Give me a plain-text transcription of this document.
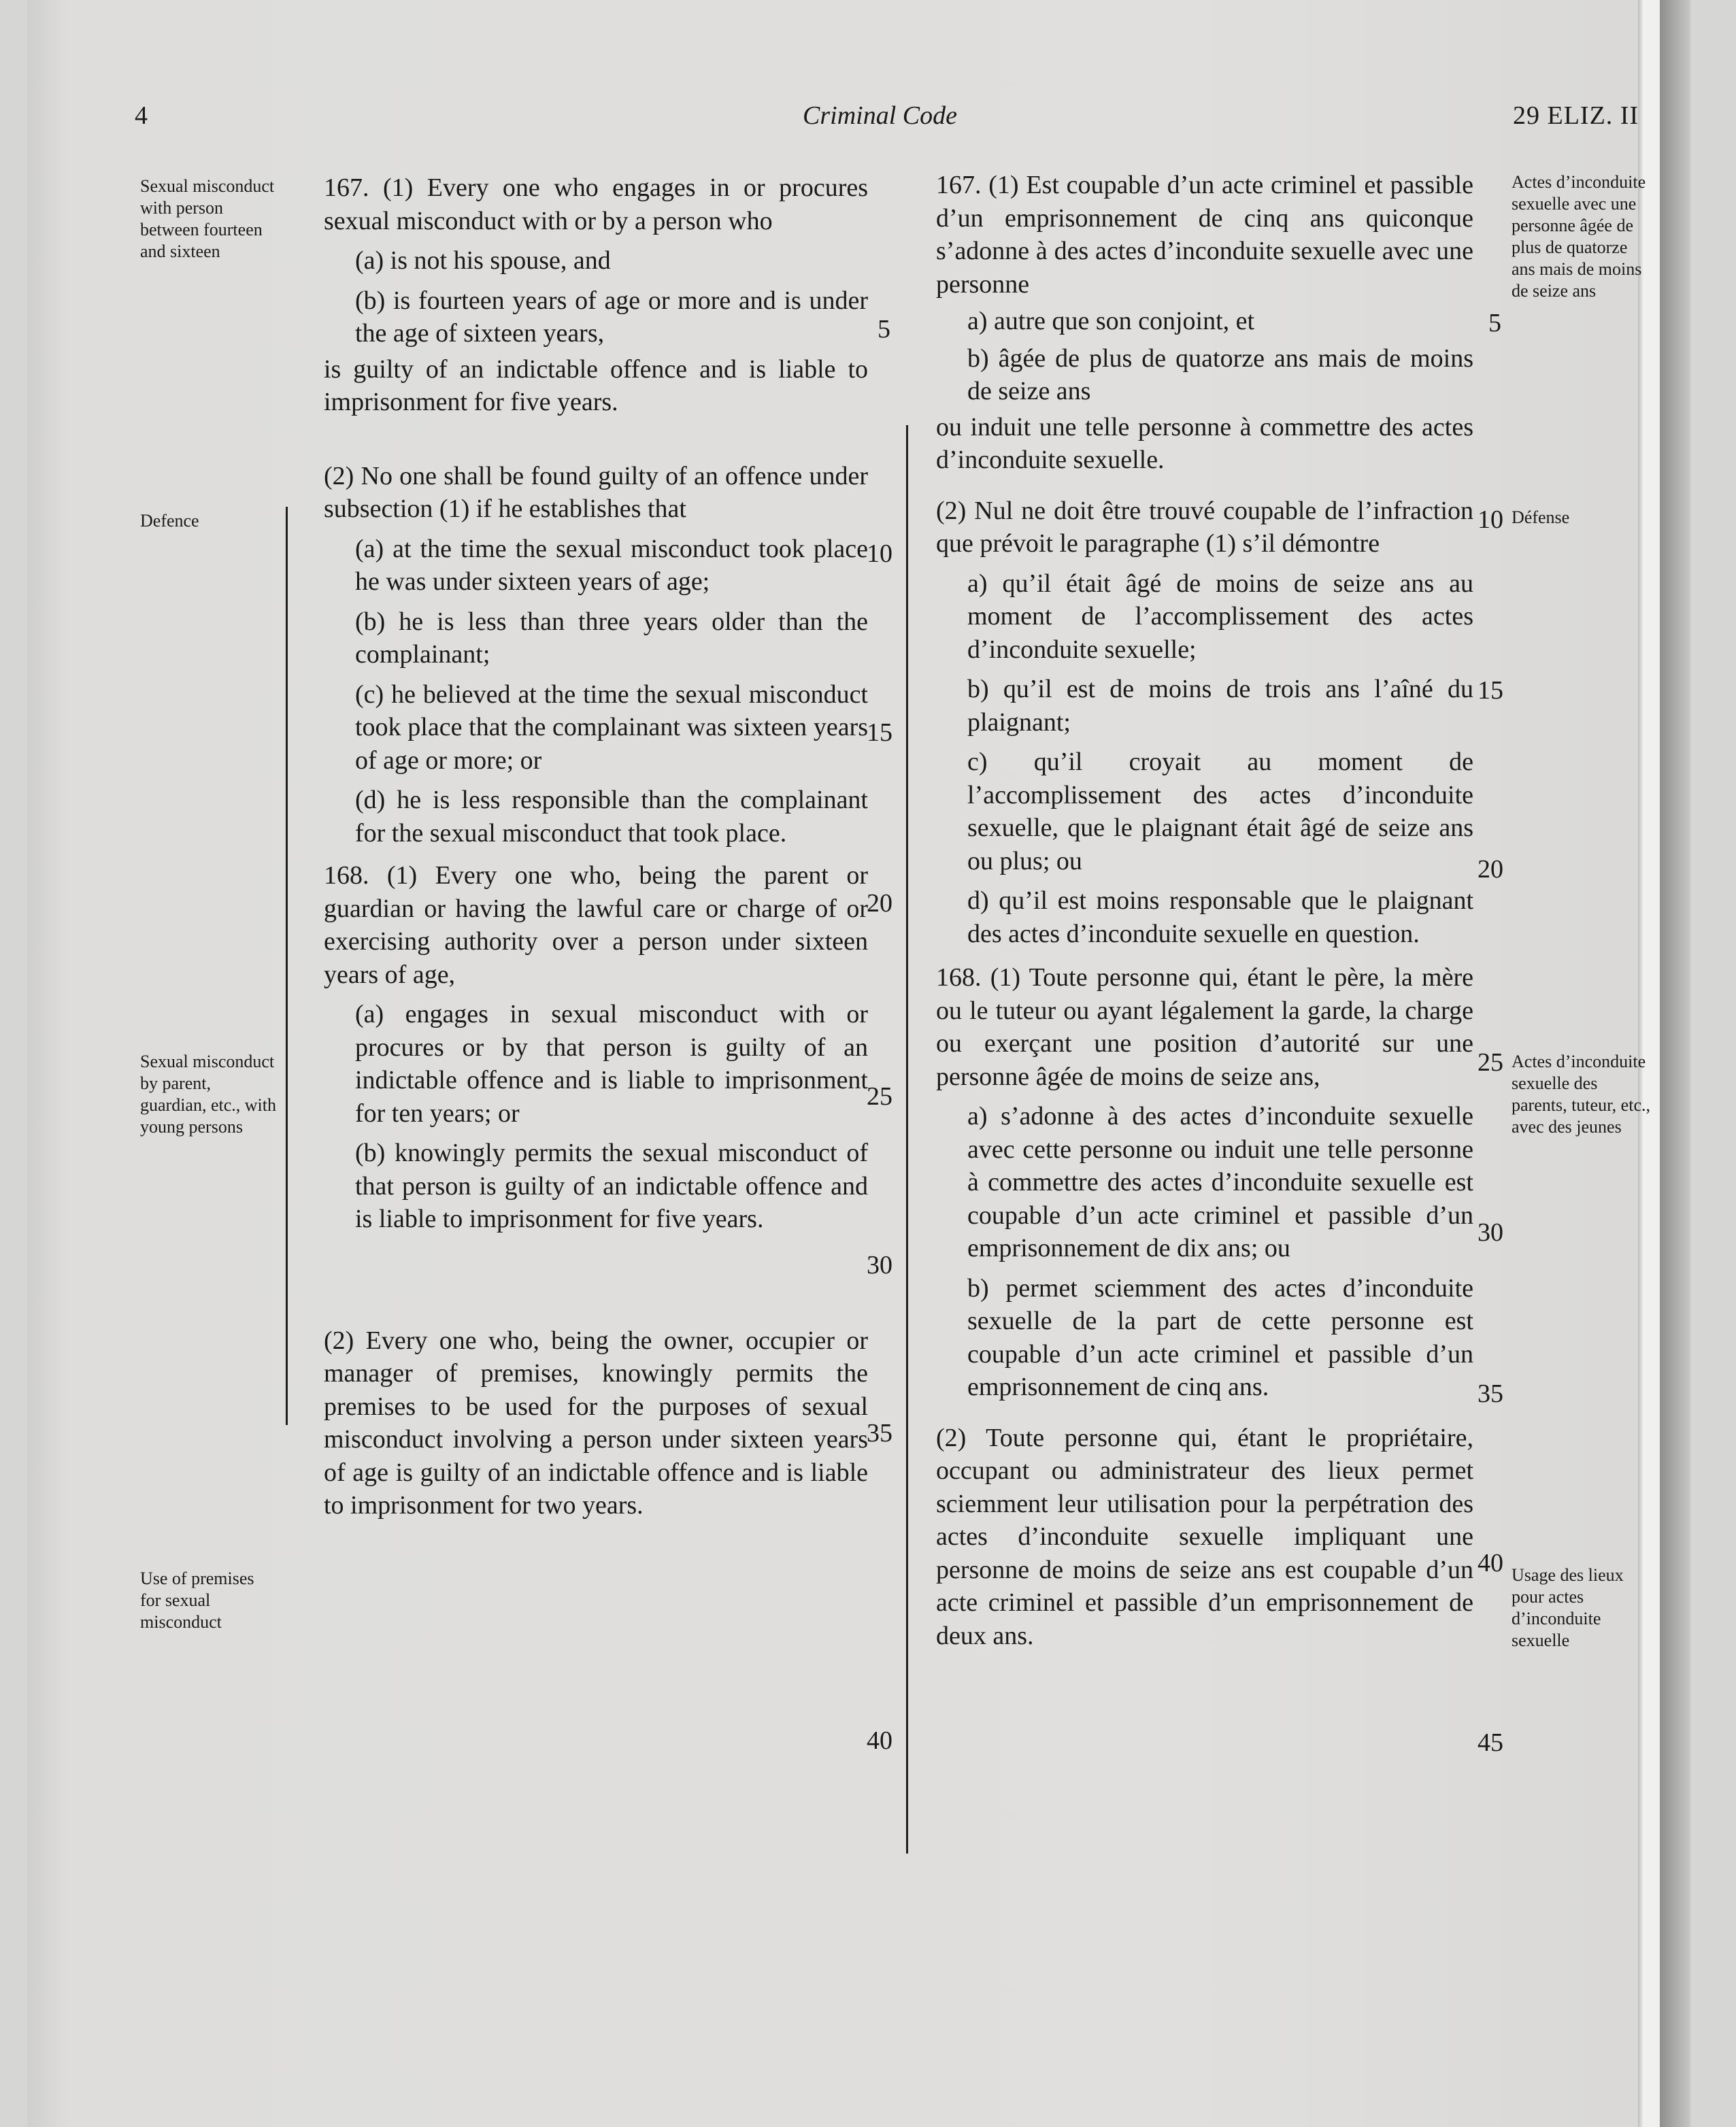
4	Criminal Code	29 ELIZ. II
Sexual misconduct with person between fourteen and sixteen
Defence
Sexual misconduct by parent, guardian, etc., with young persons
Use of premises for sexual misconduct
Actes d’inconduite sexuelle avec une personne âgée de plus de quatorze ans mais de moins de seize ans
Défense
Actes d’inconduite sexuelle des parents, tuteur, etc., avec des jeunes
Usage des lieux pour actes d’inconduite sexuelle

167. (1) Every one who engages in or procures sexual misconduct with or by a person who

(a) is not his spouse, and

(b) is fourteen years of age or more and is under the age of sixteen years,

is guilty of an indictable offence and is liable to imprisonment for five years.

(2) No one shall be found guilty of an offence under subsection (1) if he establishes that

(a) at the time the sexual misconduct took place he was under sixteen years of age;

(b) he is less than three years older than the complainant;

(c) he believed at the time the sexual misconduct took place that the complainant was sixteen years of age or more; or

(d) he is less responsible than the complainant for the sexual misconduct that took place.

168. (1) Every one who, being the parent or guardian or having the lawful care or charge of or exercising authority over a person under sixteen years of age,

(a) engages in sexual misconduct with or procures or by that person is guilty of an indictable offence and is liable to imprisonment for ten years; or

(b) knowingly permits the sexual misconduct of that person is guilty of an indictable offence and is liable to imprisonment for five years.

(2) Every one who, being the owner, occupier or manager of premises, knowingly permits the premises to be used for the purposes of sexual misconduct involving a person under sixteen years of age is guilty of an indictable offence and is liable to imprisonment for two years.

167. (1) Est coupable d’un acte criminel et passible d’un emprisonnement de cinq ans quiconque s’adonne à des actes d’inconduite sexuelle avec une personne

a) autre que son conjoint, et

b) âgée de plus de quatorze ans mais de moins de seize ans

ou induit une telle personne à commettre des actes d’inconduite sexuelle.

(2) Nul ne doit être trouvé coupable de l’infraction que prévoit le paragraphe (1) s’il démontre

a) qu’il était âgé de moins de seize ans au moment de l’accomplissement des actes d’inconduite sexuelle;

b) qu’il est de moins de trois ans l’aîné du plaignant;

c) qu’il croyait au moment de l’accomplissement des actes d’inconduite sexuelle, que le plaignant était âgé de seize ans ou plus; ou

d) qu’il est moins responsable que le plaignant des actes d’inconduite sexuelle en question.

168. (1) Toute personne qui, étant le père, la mère ou le tuteur ou ayant légalement la garde, la charge ou exerçant une position d’autorité sur une personne âgée de moins de seize ans,

a) s’adonne à des actes d’inconduite sexuelle avec cette personne ou induit une telle personne à commettre des actes d’inconduite sexuelle est coupable d’un acte criminel et passible d’un emprisonnement de dix ans; ou

b) permet sciemment des actes d’inconduite sexuelle de la part de cette personne est coupable d’un acte criminel et passible d’un emprisonnement de cinq ans.

(2) Toute personne qui, étant le propriétaire, occupant ou administrateur des lieux permet sciemment leur utilisation pour la perpétration des actes d’inconduite sexuelle impliquant une personne de moins de seize ans est coupable d’un acte criminel et passible d’un emprisonnement de deux ans.

5
10
15
20
25
30
35
40
5
10
15
20
25
30
35
40
45
